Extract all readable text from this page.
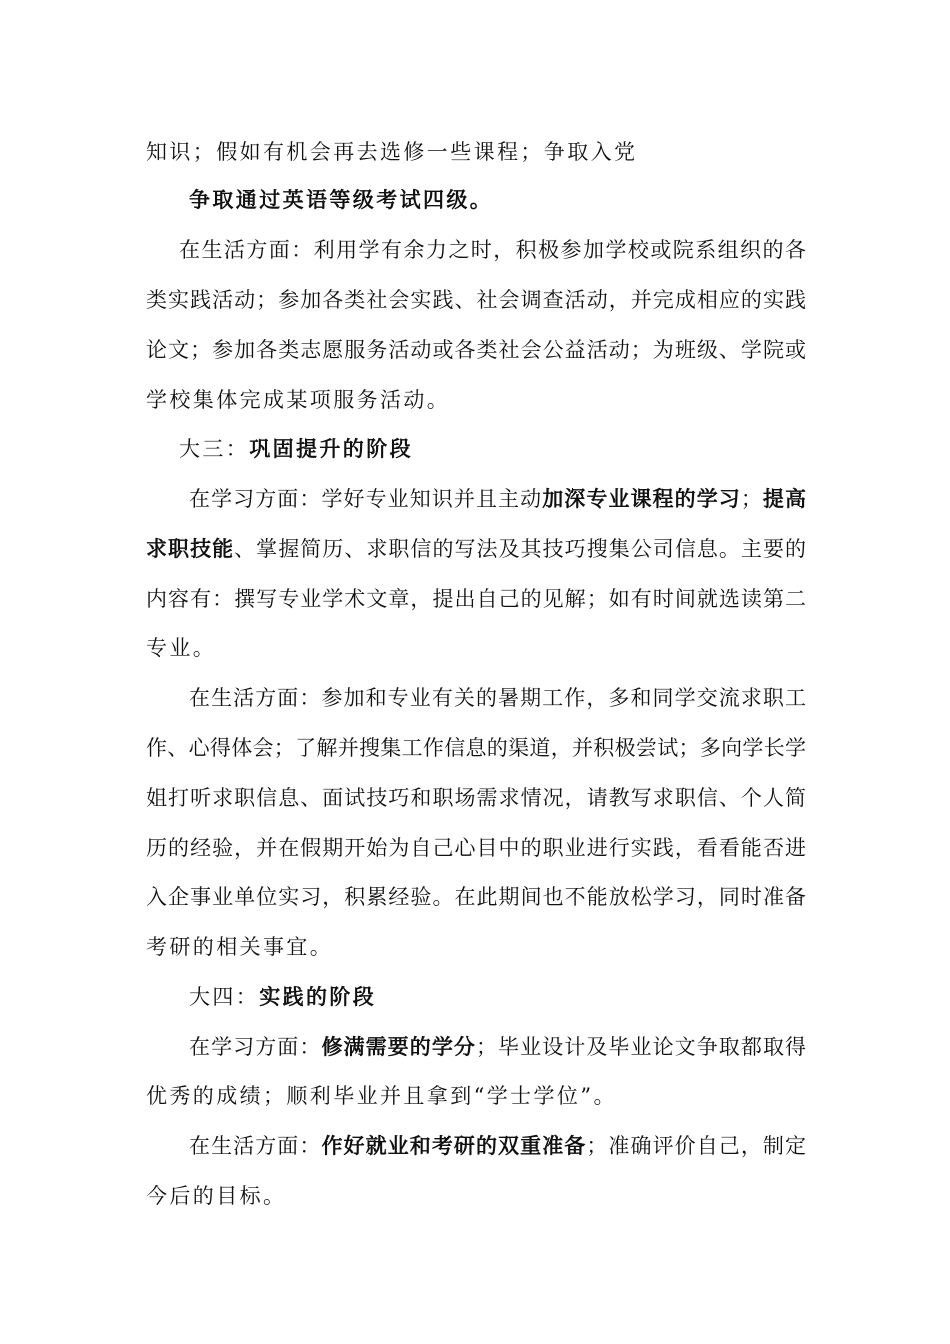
知识；假如有机会再去选修一些课程；争取入党
争取通过英语等级考试四级。
在生活方面：利用学有余力之时，积极参加学校或院系组织的各
类实践活动；参加各类社会实践、社会调查活动，并完成相应的实践
论文；参加各类志愿服务活动或各类社会公益活动；为班级、学院或
学校集体完成某项服务活动。
大三：巩固提升的阶段
在学习方面：学好专业知识并且主动加深专业课程的学习；提高
求职技能、掌握简历、求职信的写法及其技巧搜集公司信息。主要的
内容有：撰写专业学术文章，提出自己的见解；如有时间就选读第二
专业。
在生活方面：参加和专业有关的暑期工作，多和同学交流求职工
作、心得体会；了解并搜集工作信息的渠道，并积极尝试；多向学长学
姐打听求职信息、面试技巧和职场需求情况，请教写求职信、个人简
历的经验，并在假期开始为自己心目中的职业进行实践，看看能否进
入企事业单位实习，积累经验。在此期间也不能放松学习，同时准备
考研的相关事宜。
大四：实践的阶段
在学习方面：修满需要的学分；毕业设计及毕业论文争取都取得
优秀的成绩；顺利毕业并且拿到“学士学位”。
在生活方面：作好就业和考研的双重准备；准确评价自己，制定
今后的目标。
